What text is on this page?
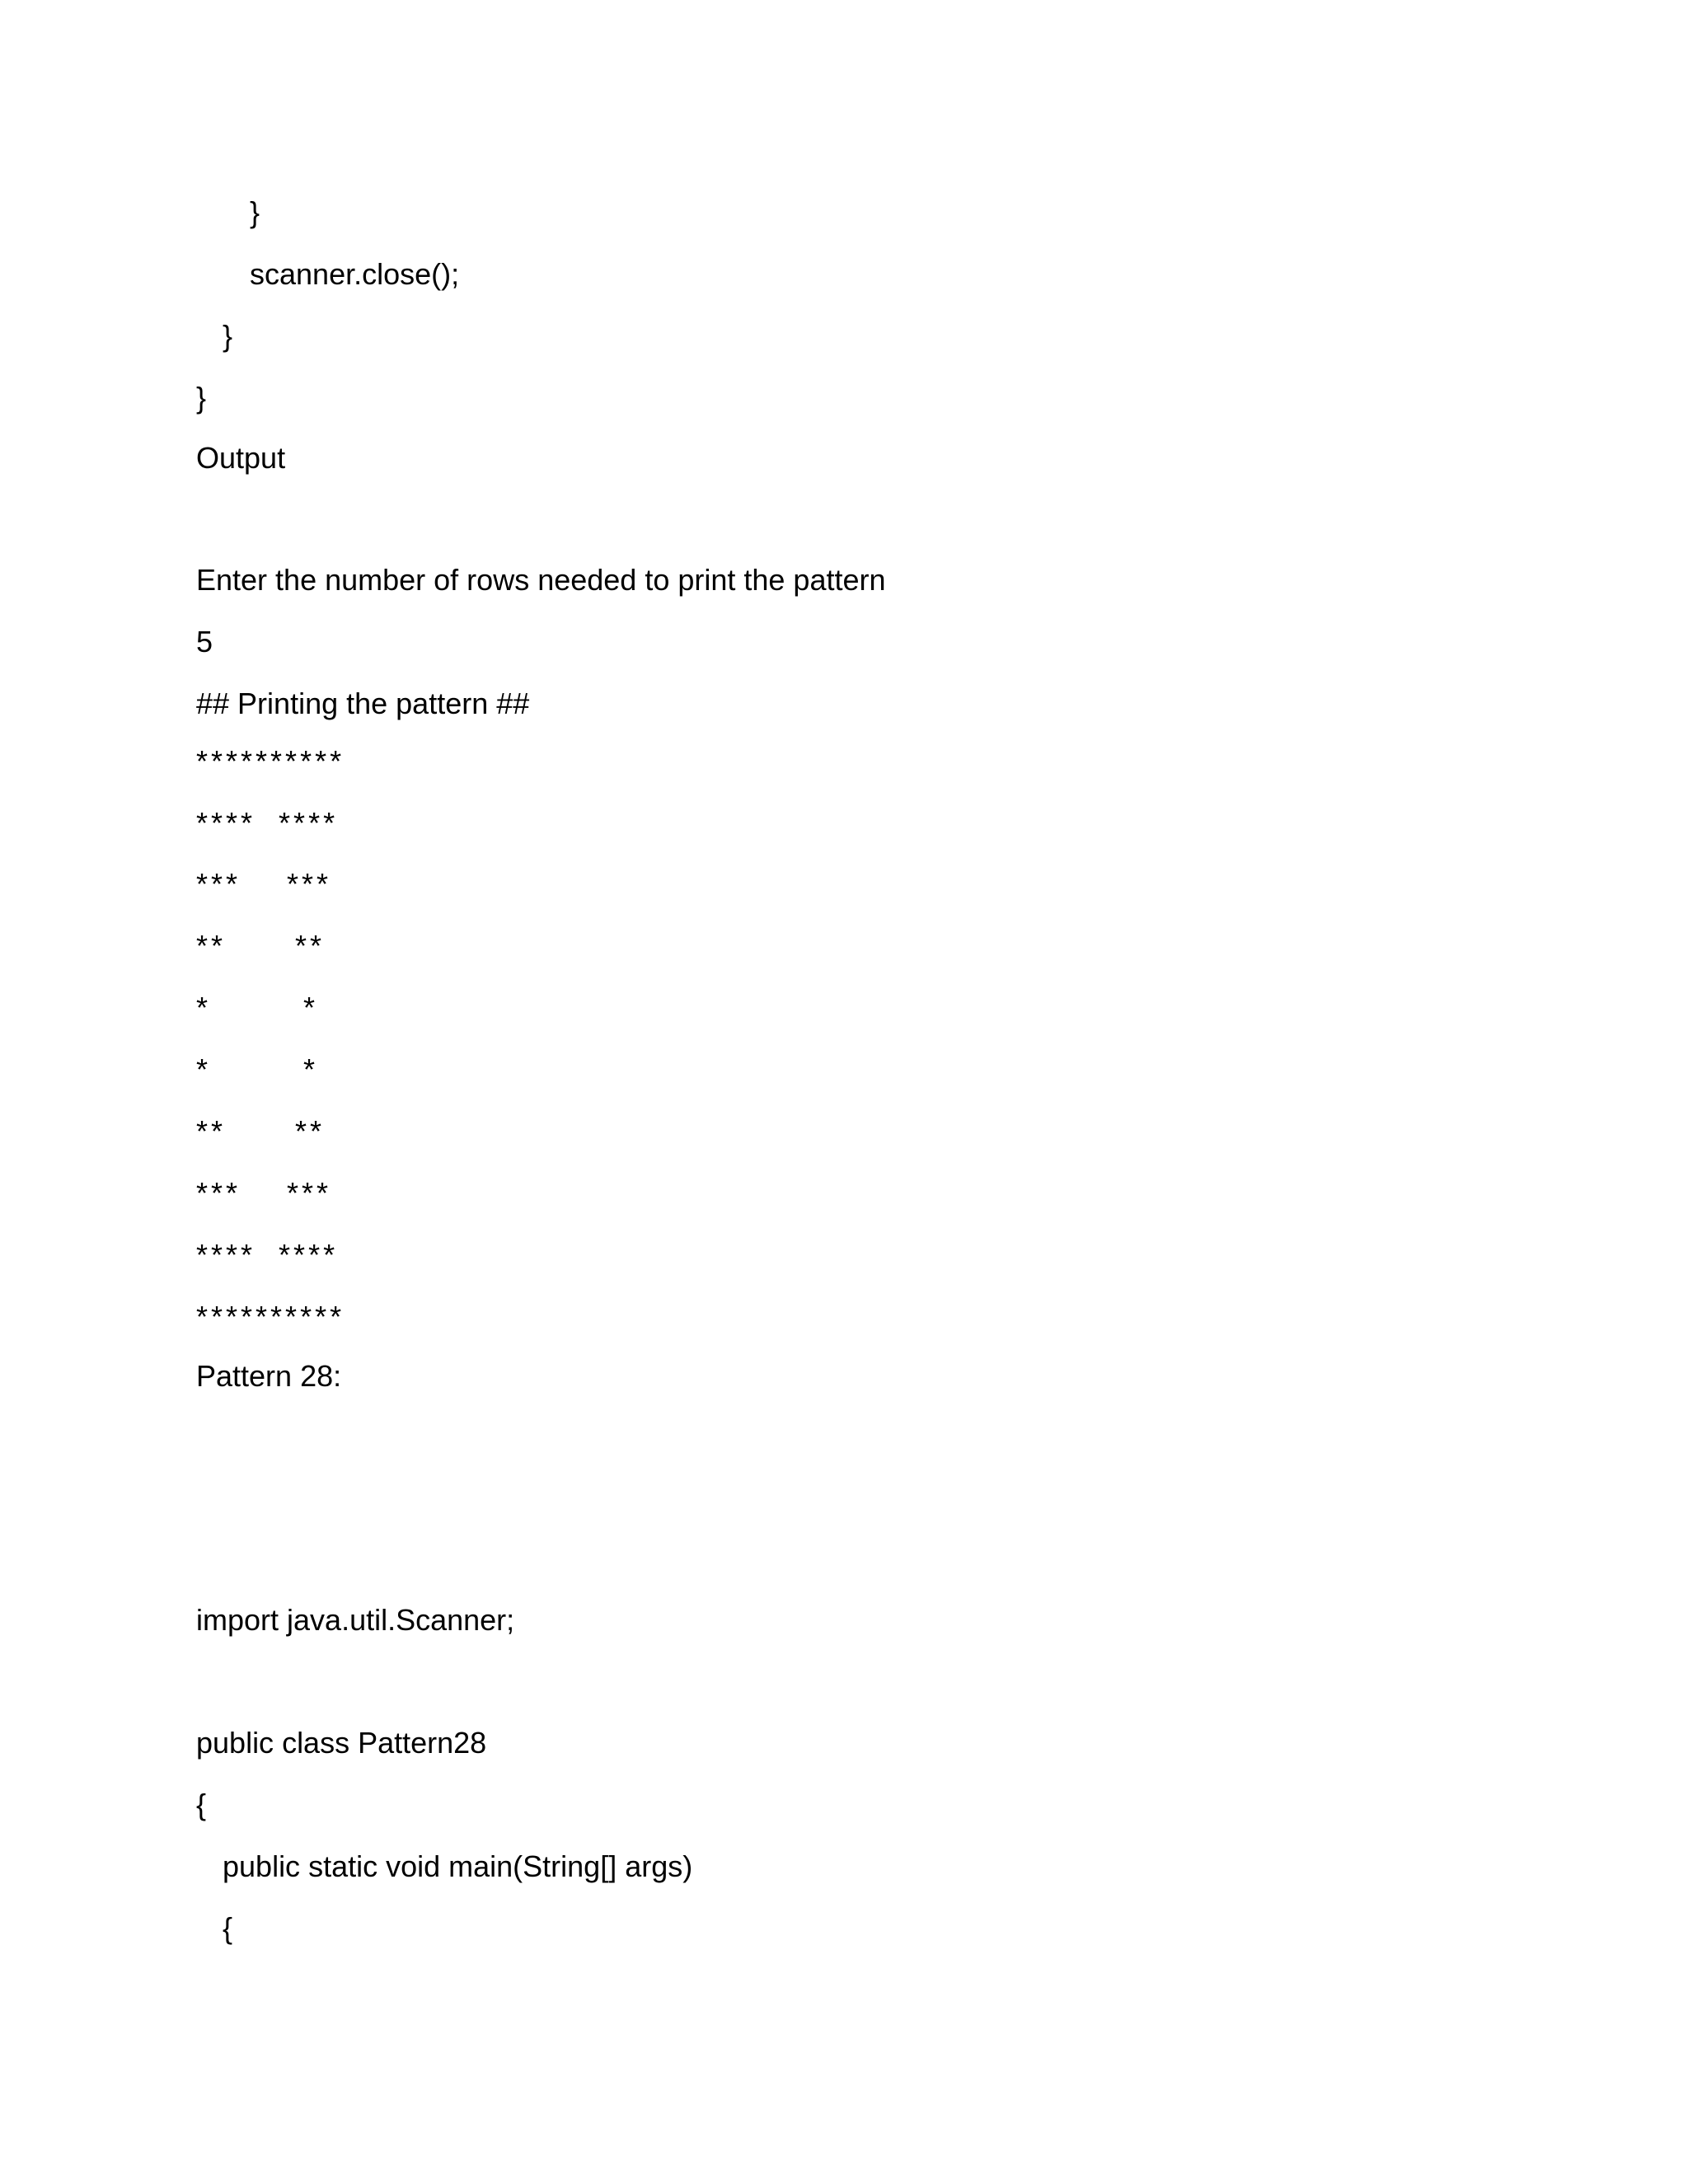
}
scanner.close();
}
}
Output
Enter the number of rows needed to print the pattern
5
## Printing the pattern ##
**********
****  ****
***    ***
**      **
*        *
*        *
**      **
***    ***
****  ****
**********
Pattern 28:
import java.util.Scanner;
public class Pattern28
{
public static void main(String[] args)
{
